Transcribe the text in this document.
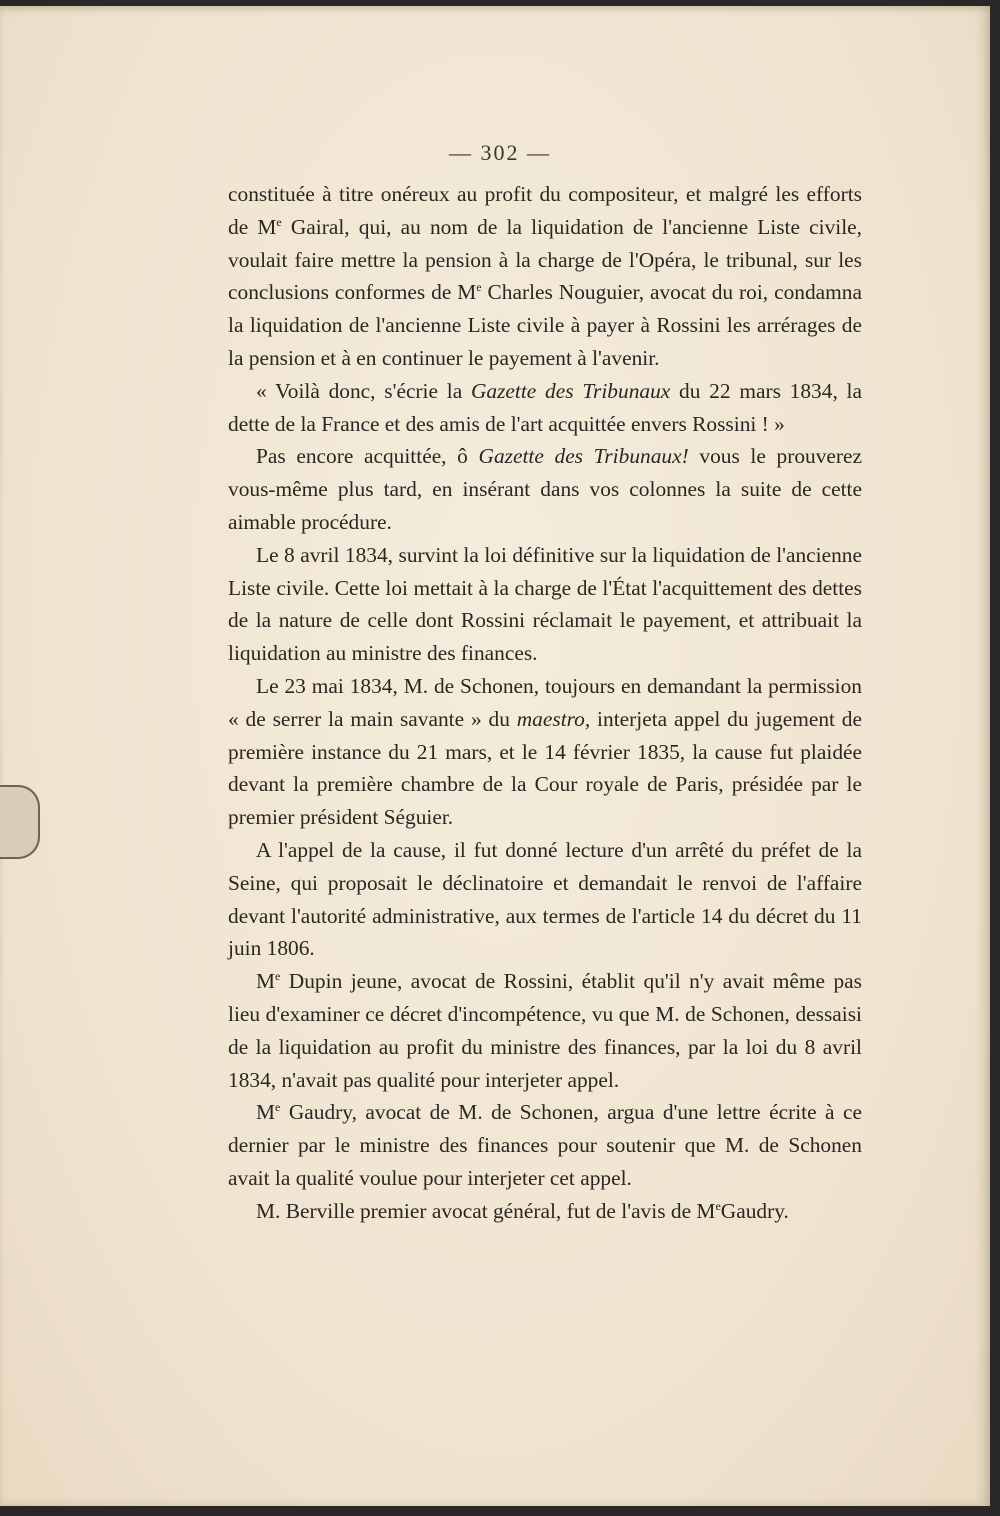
— 302 —

constituée à titre onéreux au profit du compositeur, et malgré les efforts de Me Gairal, qui, au nom de la liquidation de l'ancienne Liste civile, voulait faire mettre la pension à la charge de l'Opéra, le tribunal, sur les conclusions conformes de Me Charles Nouguier, avocat du roi, condamna la liquidation de l'ancienne Liste civile à payer à Rossini les arrérages de la pension et à en continuer le payement à l'avenir.

« Voilà donc, s'écrie la Gazette des Tribunaux du 22 mars 1834, la dette de la France et des amis de l'art acquittée envers Rossini ! »

Pas encore acquittée, ô Gazette des Tribunaux! vous le prouverez vous-même plus tard, en insérant dans vos colonnes la suite de cette aimable procédure.

Le 8 avril 1834, survint la loi définitive sur la liquidation de l'ancienne Liste civile. Cette loi mettait à la charge de l'État l'acquittement des dettes de la nature de celle dont Rossini réclamait le payement, et attribuait la liquidation au ministre des finances.

Le 23 mai 1834, M. de Schonen, toujours en demandant la permission « de serrer la main savante » du maestro, interjeta appel du jugement de première instance du 21 mars, et le 14 février 1835, la cause fut plaidée devant la première chambre de la Cour royale de Paris, présidée par le premier président Séguier.

A l'appel de la cause, il fut donné lecture d'un arrêté du préfet de la Seine, qui proposait le déclinatoire et demandait le renvoi de l'affaire devant l'autorité administrative, aux termes de l'article 14 du décret du 11 juin 1806.

Me Dupin jeune, avocat de Rossini, établit qu'il n'y avait même pas lieu d'examiner ce décret d'incompétence, vu que M. de Schonen, dessaisi de la liquidation au profit du ministre des finances, par la loi du 8 avril 1834, n'avait pas qualité pour interjeter appel.

Me Gaudry, avocat de M. de Schonen, argua d'une lettre écrite à ce dernier par le ministre des finances pour soutenir que M. de Schonen avait la qualité voulue pour interjeter cet appel.

M. Berville premier avocat général, fut de l'avis de MeGaudry.
